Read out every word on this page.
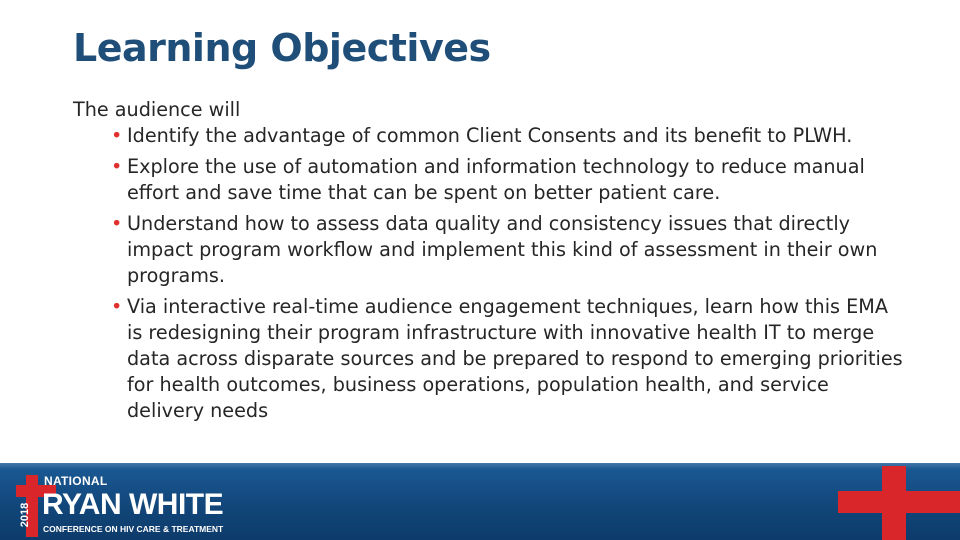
Learning Objectives

The audience will

• Identify the advantage of common Client Consents and its benefit to PLWH.
• Explore the use of automation and information technology to reduce manual effort and save time that can be spent on better patient care.
• Understand how to assess data quality and consistency issues that directly impact program workflow and implement this kind of assessment in their own programs.
• Via interactive real-time audience engagement techniques, learn how this EMA is redesigning their program infrastructure with innovative health IT to merge data across disparate sources and be prepared to respond to emerging priorities for health outcomes, business operations, population health, and service delivery needs
2018
NATIONAL
RYAN WHITE
CONFERENCE ON HIV CARE & TREATMENT
